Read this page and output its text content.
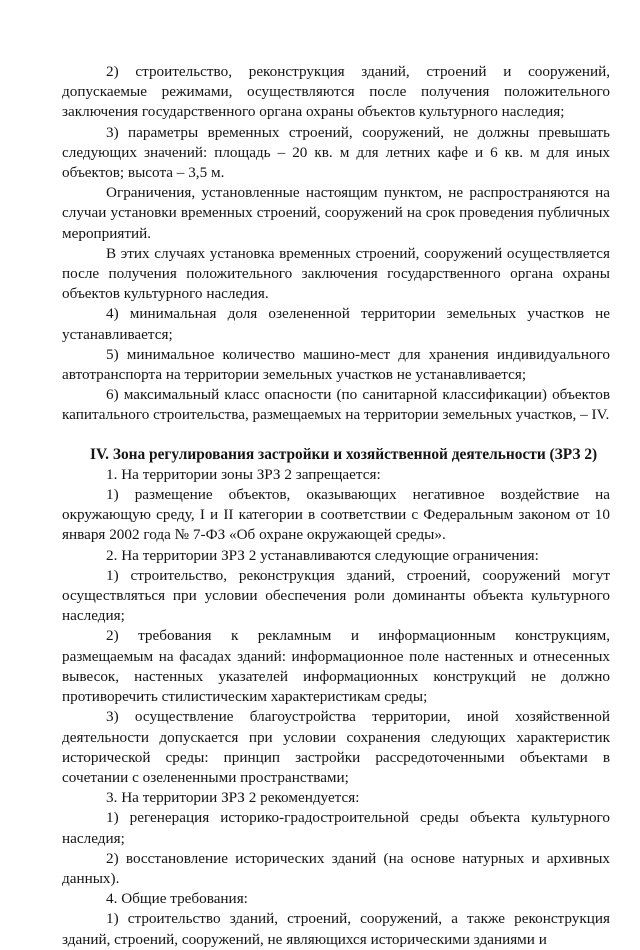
2) строительство, реконструкция зданий, строений и сооружений, допускаемые режимами, осуществляются после получения положительного заключения государственного органа охраны объектов культурного наследия;

3) параметры временных строений, сооружений, не должны превышать следующих значений: площадь – 20 кв. м для летних кафе и 6 кв. м для иных объектов; высота – 3,5 м.

Ограничения, установленные настоящим пунктом, не распространяются на случаи установки временных строений, сооружений на срок проведения публичных мероприятий.

В этих случаях установка временных строений, сооружений осуществляется после получения положительного заключения государственного органа охраны объектов культурного наследия.

4) минимальная доля озелененной территории земельных участков не устанавливается;

5) минимальное количество машино-мест для хранения индивидуального автотранспорта на территории земельных участков не устанавливается;

6) максимальный класс опасности (по санитарной классификации) объектов капитального строительства, размещаемых на территории земельных участков, – IV.

IV. Зона регулирования застройки и хозяйственной деятельности (ЗРЗ 2)

1. На территории зоны ЗРЗ 2 запрещается:

1) размещение объектов, оказывающих негативное воздействие на окружающую среду, I и II категории в соответствии с Федеральным законом от 10 января 2002 года № 7-ФЗ «Об охране окружающей среды».

2. На территории ЗРЗ 2 устанавливаются следующие ограничения:

1) строительство, реконструкция зданий, строений, сооружений могут осуществляться при условии обеспечения роли доминанты объекта культурного наследия;

2) требования к рекламным и информационным конструкциям, размещаемым на фасадах зданий: информационное поле настенных и отнесенных вывесок, настенных указателей информационных конструкций не должно противоречить стилистическим характеристикам среды;

3) осуществление благоустройства территории, иной хозяйственной деятельности допускается при условии сохранения следующих характеристик исторической среды: принцип застройки рассредоточенными объектами в сочетании с озелененными пространствами;

3. На территории ЗРЗ 2 рекомендуется:

1) регенерация историко-градостроительной среды объекта культурного наследия;

2) восстановление исторических зданий (на основе натурных и архивных данных).

4. Общие требования:

1) строительство зданий, строений, сооружений, а также реконструкция зданий, строений, сооружений, не являющихся историческими зданиями и
